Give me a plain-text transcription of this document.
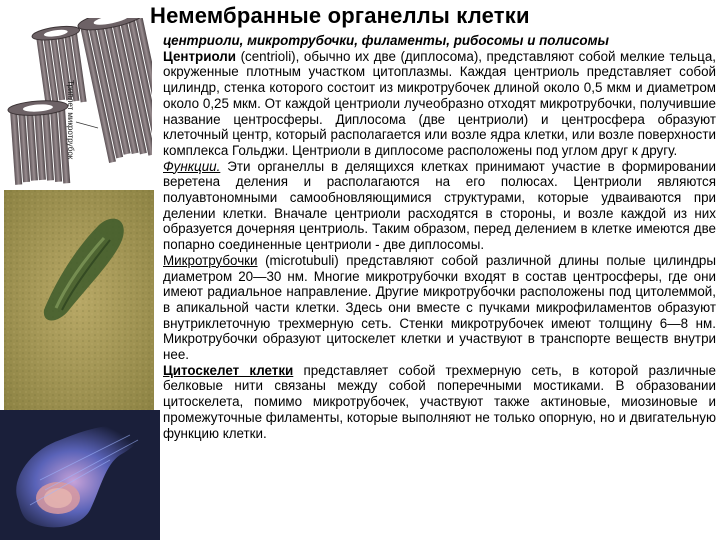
Немембранные органеллы клетки
Триплет микротрубок

центриоли, микротрубочки, филаменты, рибосомы и полисомы

Центриоли (centrioli), обычно их две (диплосома), представляют собой мелкие тельца, окруженные плотным участком цитоплазмы. Каждая центриоль представляет собой цилиндр, стенка которого состоит из микротрубочек длиной около 0,5 мкм и диаметром около 0,25 мкм. От каждой центриоли лучеобразно отходят микротрубочки, получившие название центросферы. Диплосома (две центриоли) и центросфера образуют клеточный центр, который располагается или возле ядра клетки, или возле поверхности комплекса Гольджи. Центриоли в диплосоме расположены под углом друг к другу.

Функции. Эти органеллы в делящихся клетках принимают участие в формировании веретена деления и располагаются на его полюсах. Центриоли являются полуавтономными самообновляющимися структурами, которые удваиваются при делении клетки. Вначале центриоли расходятся в стороны, и возле каждой из них образуется дочерняя центриоль. Таким образом, перед делением в клетке имеются две попарно соединенные центриоли - две диплосомы.

Микротрубочки (microtubuli) представляют собой различной длины полые цилиндры диаметром 20—30 нм. Многие микротрубочки входят в состав центросферы, где они имеют радиальное направление. Другие микротрубочки расположены под цитолеммой, в апикальной части клетки. Здесь они вместе с пучками микрофиламентов образуют внутриклеточную трехмерную сеть. Стенки микротрубочек имеют толщину 6—8 нм. Микротрубочки образуют цитоскелет клетки и участвуют в транспорте веществ внутри нее.

Цитоскелет клетки представляет собой трехмерную сеть, в которой различные белковые нити связаны между собой поперечными мостиками. В образовании цитоскелета, помимо микротрубочек, участвуют также актиновые, миозиновые и промежуточные филаменты, которые выполняют не только опорную, но и двигательную функцию клетки.
